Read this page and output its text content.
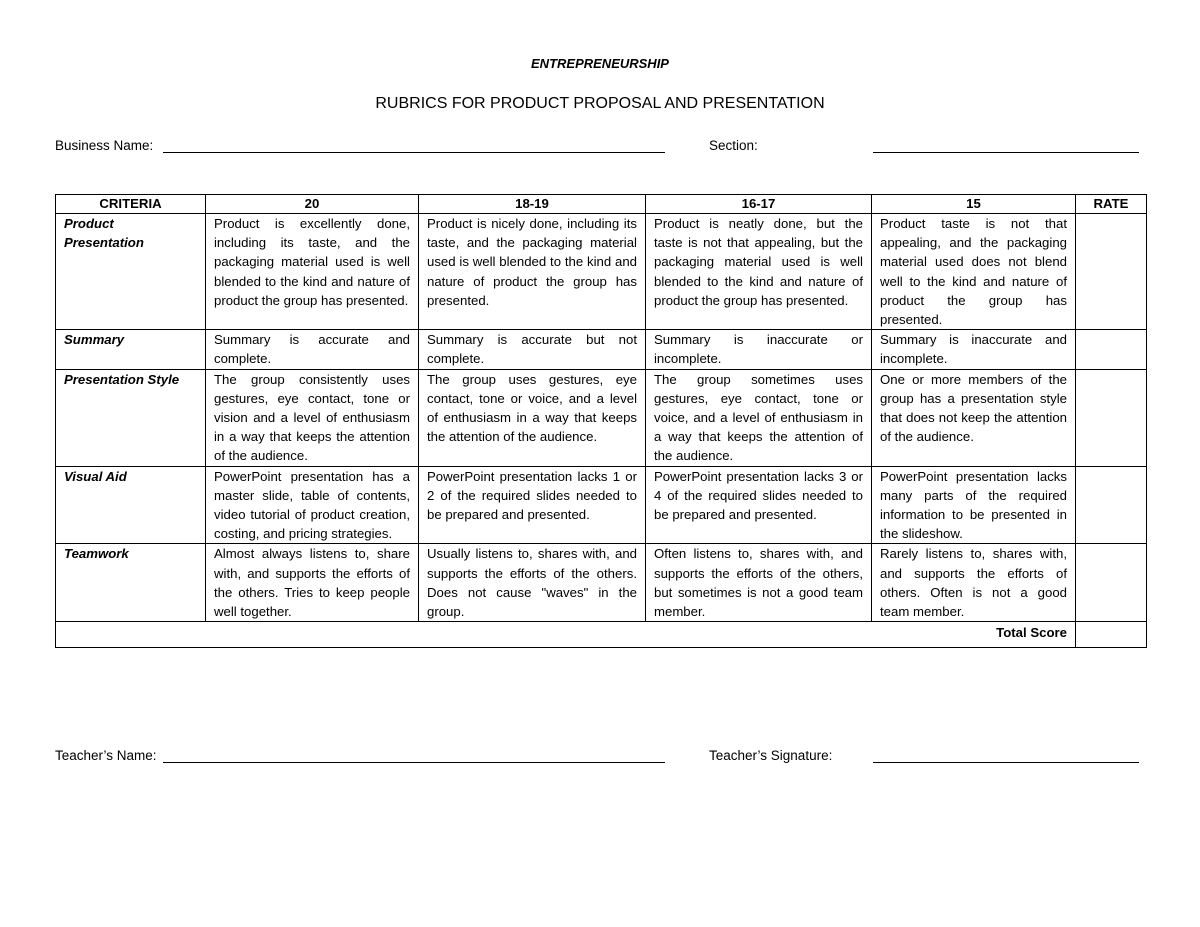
ENTREPRENEURSHIP
RUBRICS FOR PRODUCT PROPOSAL AND PRESENTATION
Business Name:	Section:
CRITERIA	20	18-19	16-17	15	RATE
Product Presentation	Product is excellently done, including its taste, and the packaging material used is well blended to the kind and nature of product the group has presented.	Product is nicely done, including its taste, and the packaging material used is well blended to the kind and nature of product the group has presented.	Product is neatly done, but the taste is not that appealing, but the packaging material used is well blended to the kind and nature of product the group has presented.	Product taste is not that appealing, and the packaging material used does not blend well to the kind and nature of product the group has presented.	
Summary	Summary is accurate and complete.	Summary is accurate but not complete.	Summary is inaccurate or incomplete.	Summary is inaccurate and incomplete.	
Presentation Style	The group consistently uses gestures, eye contact, tone or vision and a level of enthusiasm in a way that keeps the attention of the audience.	The group uses gestures, eye contact, tone or voice, and a level of enthusiasm in a way that keeps the attention of the audience.	The group sometimes uses gestures, eye contact, tone or voice, and a level of enthusiasm in a way that keeps the attention of the audience.	One or more members of the group has a presentation style that does not keep the attention of the audience.	
Visual Aid	PowerPoint presentation has a master slide, table of contents, video tutorial of product creation, costing, and pricing strategies.	PowerPoint presentation lacks 1 or 2 of the required slides needed to be prepared and presented.	PowerPoint presentation lacks 3 or 4 of the required slides needed to be prepared and presented.	PowerPoint presentation lacks many parts of the required information to be presented in the slideshow.	
Teamwork	Almost always listens to, share with, and supports the efforts of the others. Tries to keep people well together.	Usually listens to, shares with, and supports the efforts of the others. Does not cause "waves" in the group.	Often listens to, shares with, and supports the efforts of the others, but sometimes is not a good team member.	Rarely listens to, shares with, and supports the efforts of others. Often is not a good team member.	
Total Score					
Teacher’s Name:	Teacher’s Signature:
